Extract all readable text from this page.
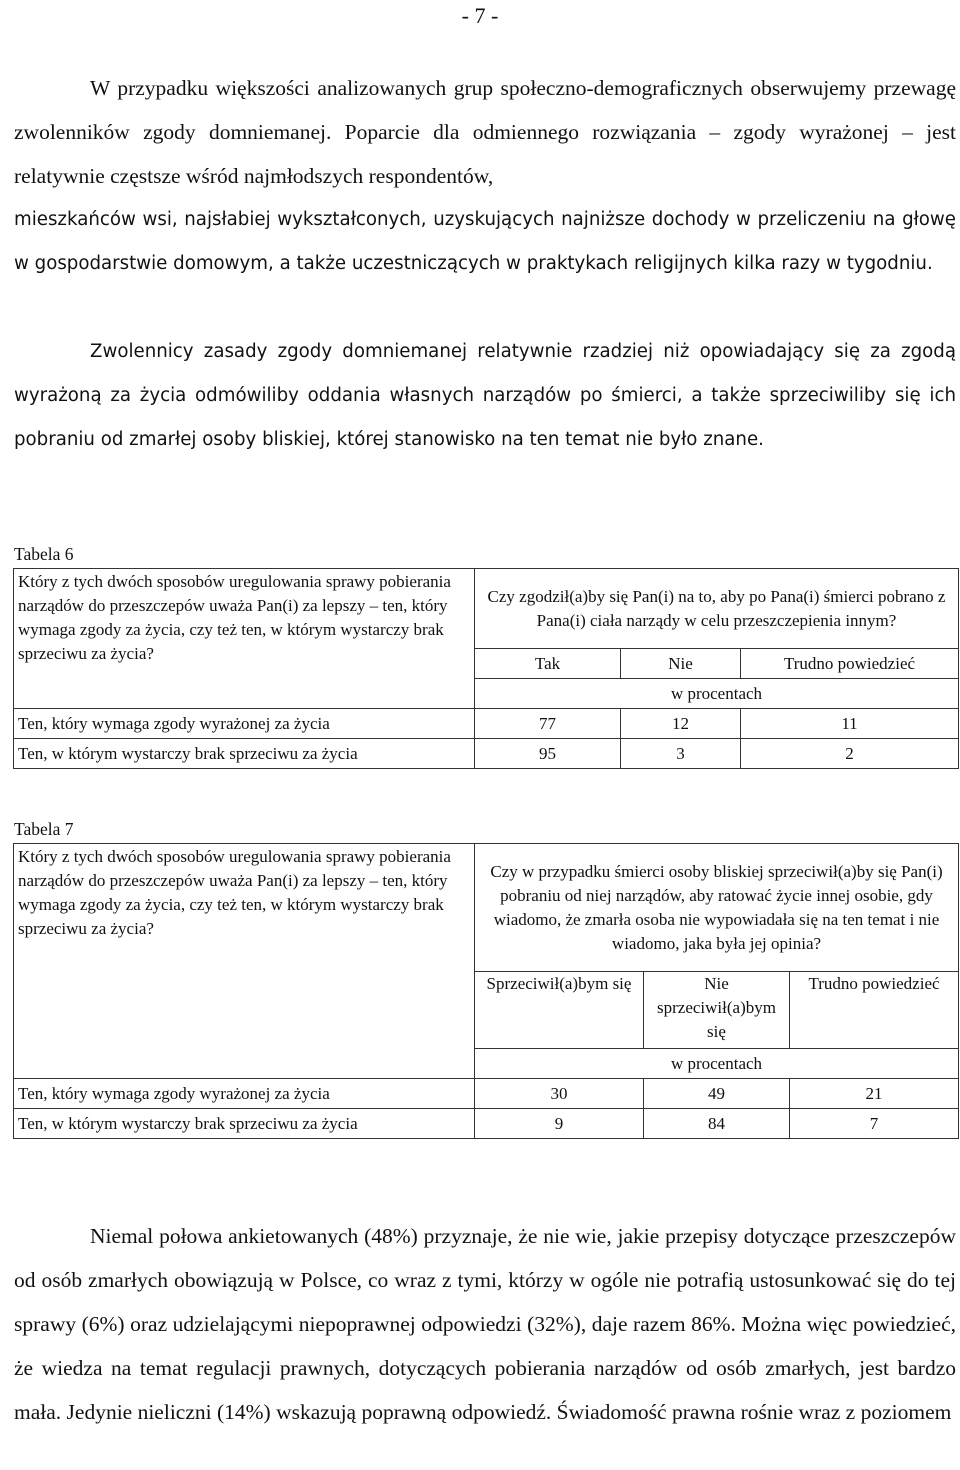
- 7 -

W przypadku większości analizowanych grup społeczno-demograficznych obserwujemy przewagę zwolenników zgody domniemanej. Poparcie dla odmiennego rozwiązania – zgody wyrażonej – jest relatywnie częstsze wśród najmłodszych respondentów,

mieszkańców wsi, najsłabiej wykształconych, uzyskujących najniższe dochody w przeliczeniu na głowę w gospodarstwie domowym, a także uczestniczących w praktykach religijnych kilka razy w tygodniu.

Zwolennicy zasady zgody domniemanej relatywnie rzadziej niż opowiadający się za zgodą wyrażoną za życia odmówiliby oddania własnych narządów po śmierci, a także sprzeciwiliby się ich pobraniu od zmarłej osoby bliskiej, której stanowisko na ten temat nie było znane.

Tabela 6
Który z tych dwóch sposobów uregulowania sprawy pobierania narządów do przeszczepów uważa Pan(i) za lepszy – ten, który wymaga zgody za życia, czy też ten, w którym wystarczy brak sprzeciwu za życia?	Czy zgodził(a)by się Pan(i) na to, aby po Pana(i) śmierci pobrano z Pana(i) ciała narządy w celu przeszczepienia innym?		
	Tak	Nie	Trudno powiedzieć
	w procentach		
Ten, który wymaga zgody wyrażonej za życia	77	12	11
Ten, w którym wystarczy brak sprzeciwu za życia	95	3	2
Tabela 7
Który z tych dwóch sposobów uregulowania sprawy pobierania narządów do przeszczepów uważa Pan(i) za lepszy – ten, który wymaga zgody za życia, czy też ten, w którym wystarczy brak sprzeciwu za życia?	Czy w przypadku śmierci osoby bliskiej sprzeciwił(a)by się Pan(i) pobraniu od niej narządów, aby ratować życie innej osobie, gdy wiadomo, że zmarła osoba nie wypowiadała się na ten temat i nie wiadomo, jaka była jej opinia?		
	Sprzeciwił(a)bym się	Nie sprzeciwił(a)bym się	Trudno powiedzieć
	w procentach		
Ten, który wymaga zgody wyrażonej za życia	30	49	21
Ten, w którym wystarczy brak sprzeciwu za życia	9	84	7

Niemal połowa ankietowanych (48%) przyznaje, że nie wie, jakie przepisy dotyczące przeszczepów od osób zmarłych obowiązują w Polsce, co wraz z tymi, którzy w ogóle nie potrafią ustosunkować się do tej sprawy (6%) oraz udzielającymi niepoprawnej odpowiedzi (32%), daje razem 86%. Można więc powiedzieć, że wiedza na temat regulacji prawnych, dotyczących pobierania narządów od osób zmarłych, jest bardzo mała. Jedynie nieliczni (14%) wskazują poprawną odpowiedź. Świadomość prawna rośnie wraz z poziomem
